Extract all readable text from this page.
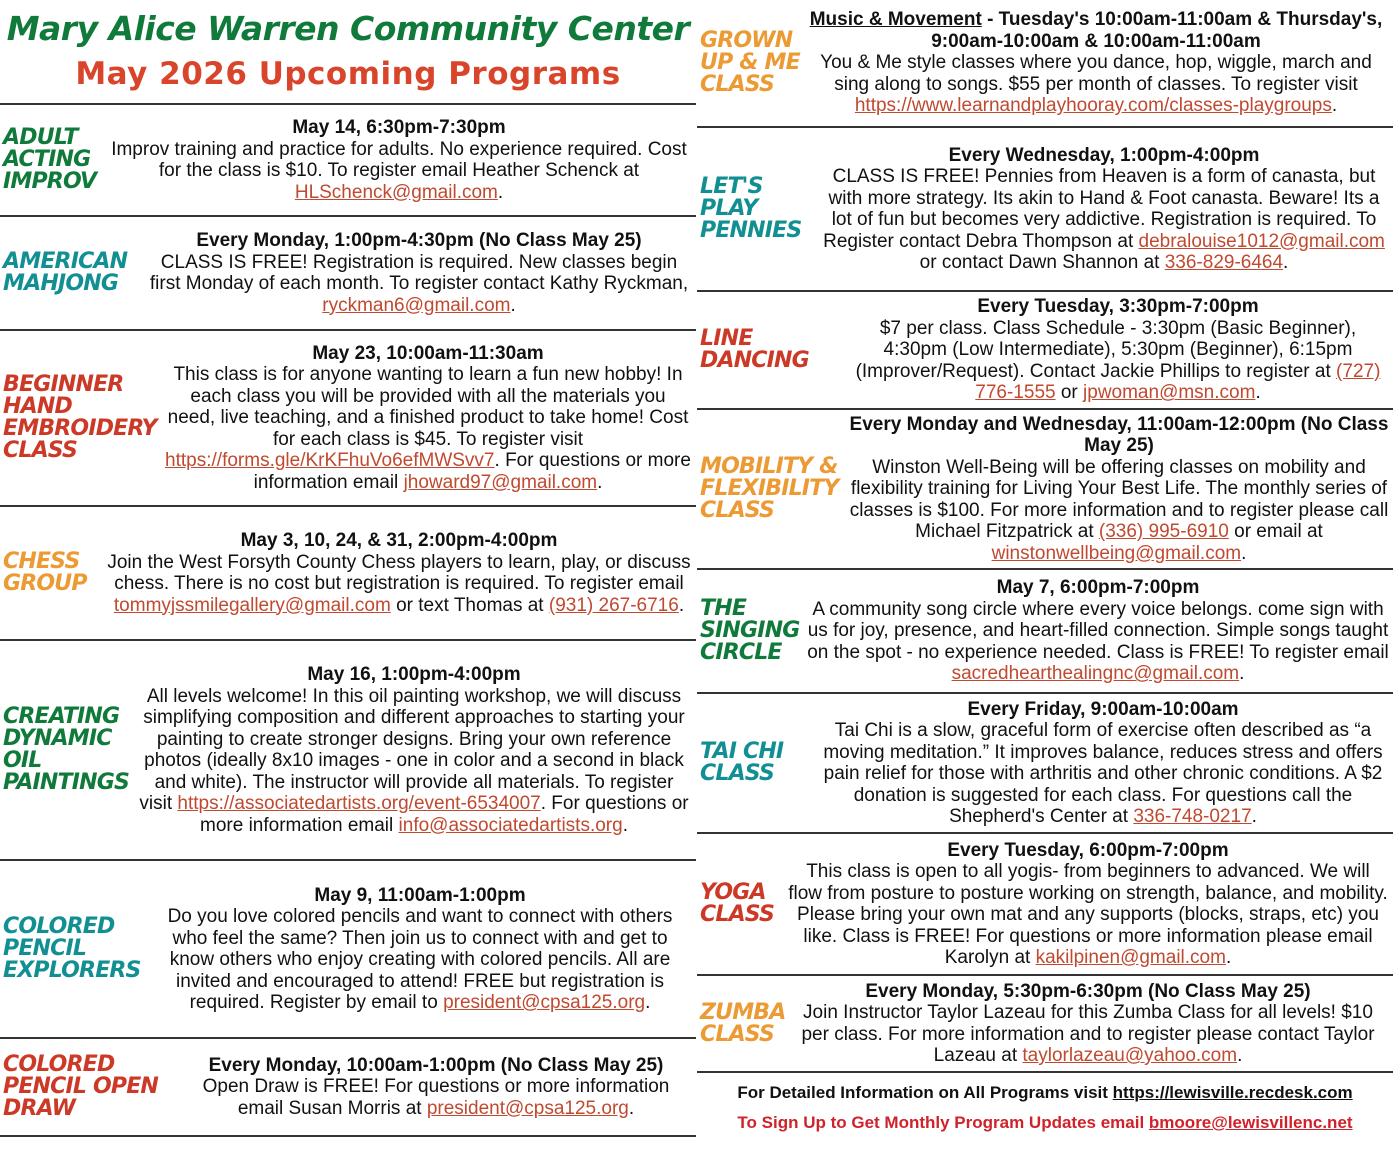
Mary Alice Warren Community Center
May 2026 Upcoming Programs
ADULT
ACTING
IMPROV
May 14, 6:30pm-7:30pm
Improv training and practice for adults. No experience required. Cost for the class is $10. To register email Heather Schenck at HLSchenck@gmail.com.
AMERICAN
MAHJONG
Every Monday, 1:00pm-4:30pm (No Class May 25)
CLASS IS FREE! Registration is required. New classes begin first Monday of each month. To register contact Kathy Ryckman, ryckman6@gmail.com.
BEGINNER
HAND
EMBROIDERY
CLASS
May 23, 10:00am-11:30am
This class is for anyone wanting to learn a fun new hobby! In each class you will be provided with all the materials you need, live teaching, and a finished product to take home! Cost for each class is $45. To register visit https://forms.gle/KrKFhuVo6efMWSvv7. For questions or more information email jhoward97@gmail.com.
CHESS
GROUP
May 3, 10, 24, & 31, 2:00pm-4:00pm
Join the West Forsyth County Chess players to learn, play, or discuss chess. There is no cost but registration is required. To register email tommyjssmilegallery@gmail.com or text Thomas at (931) 267-6716.
CREATING
DYNAMIC
OIL
PAINTINGS
May 16, 1:00pm-4:00pm
All levels welcome! In this oil painting workshop, we will discuss simplifying composition and different approaches to starting your painting to create stronger designs. Bring your own reference photos (ideally 8x10 images - one in color and a second in black and white). The instructor will provide all materials. To register visit https://associatedartists.org/event-6534007. For questions or more information email info@associatedartists.org.
COLORED
PENCIL
EXPLORERS
May 9, 11:00am-1:00pm
Do you love colored pencils and want to connect with others who feel the same? Then join us to connect with and get to know others who enjoy creating with colored pencils. All are invited and encouraged to attend! FREE but registration is required. Register by email to president@cpsa125.org.
COLORED
PENCIL OPEN
DRAW
Every Monday, 10:00am-1:00pm (No Class May 25)
Open Draw is FREE! For questions or more information email Susan Morris at president@cpsa125.org.
GROWN
UP & ME
CLASS
Music & Movement - Tuesday's 10:00am-11:00am & Thursday's, 9:00am-10:00am & 10:00am-11:00am
You & Me style classes where you dance, hop, wiggle, march and sing along to songs. $55 per month of classes. To register visit https://www.learnandplayhooray.com/classes-playgroups.
LET'S
PLAY
PENNIES
Every Wednesday, 1:00pm-4:00pm
CLASS IS FREE! Pennies from Heaven is a form of canasta, but with more strategy. Its akin to Hand & Foot canasta. Beware! Its a lot of fun but becomes very addictive. Registration is required. To Register contact Debra Thompson at debralouise1012@gmail.com or contact Dawn Shannon at 336-829-6464.
LINE
DANCING
Every Tuesday, 3:30pm-7:00pm
$7 per class. Class Schedule - 3:30pm (Basic Beginner), 4:30pm (Low Intermediate), 5:30pm (Beginner), 6:15pm (Improver/Request). Contact Jackie Phillips to register at (727) 776-1555 or jpwoman@msn.com.
MOBILITY &
FLEXIBILITY
CLASS
Every Monday and Wednesday, 11:00am-12:00pm (No Class May 25)
Winston Well-Being will be offering classes on mobility and flexibility training for Living Your Best Life. The monthly series of classes is $100. For more information and to register please call Michael Fitzpatrick at (336) 995-6910 or email at winstonwellbeing@gmail.com.
THE
SINGING
CIRCLE
May 7, 6:00pm-7:00pm
A community song circle where every voice belongs. come sign with us for joy, presence, and heart-filled connection. Simple songs taught on the spot - no experience needed. Class is FREE! To register email sacredhearthealingnc@gmail.com.
TAI CHI
CLASS
Every Friday, 9:00am-10:00am
Tai Chi is a slow, graceful form of exercise often described as “a moving meditation.” It improves balance, reduces stress and offers pain relief for those with arthritis and other chronic conditions. A $2 donation is suggested for each class. For questions call the Shepherd's Center at 336-748-0217.
YOGA
CLASS
Every Tuesday, 6:00pm-7:00pm
This class is open to all yogis- from beginners to advanced. We will flow from posture to posture working on strength, balance, and mobility. Please bring your own mat and any supports (blocks, straps, etc) you like. Class is FREE! For questions or more information please email Karolyn at kakilpinen@gmail.com.
ZUMBA
CLASS
Every Monday, 5:30pm-6:30pm (No Class May 25)
Join Instructor Taylor Lazeau for this Zumba Class for all levels! $10 per class. For more information and to register please contact Taylor Lazeau at taylorlazeau@yahoo.com.
For Detailed Information on All Programs visit https://lewisville.recdesk.com
To Sign Up to Get Monthly Program Updates email bmoore@lewisvillenc.net
